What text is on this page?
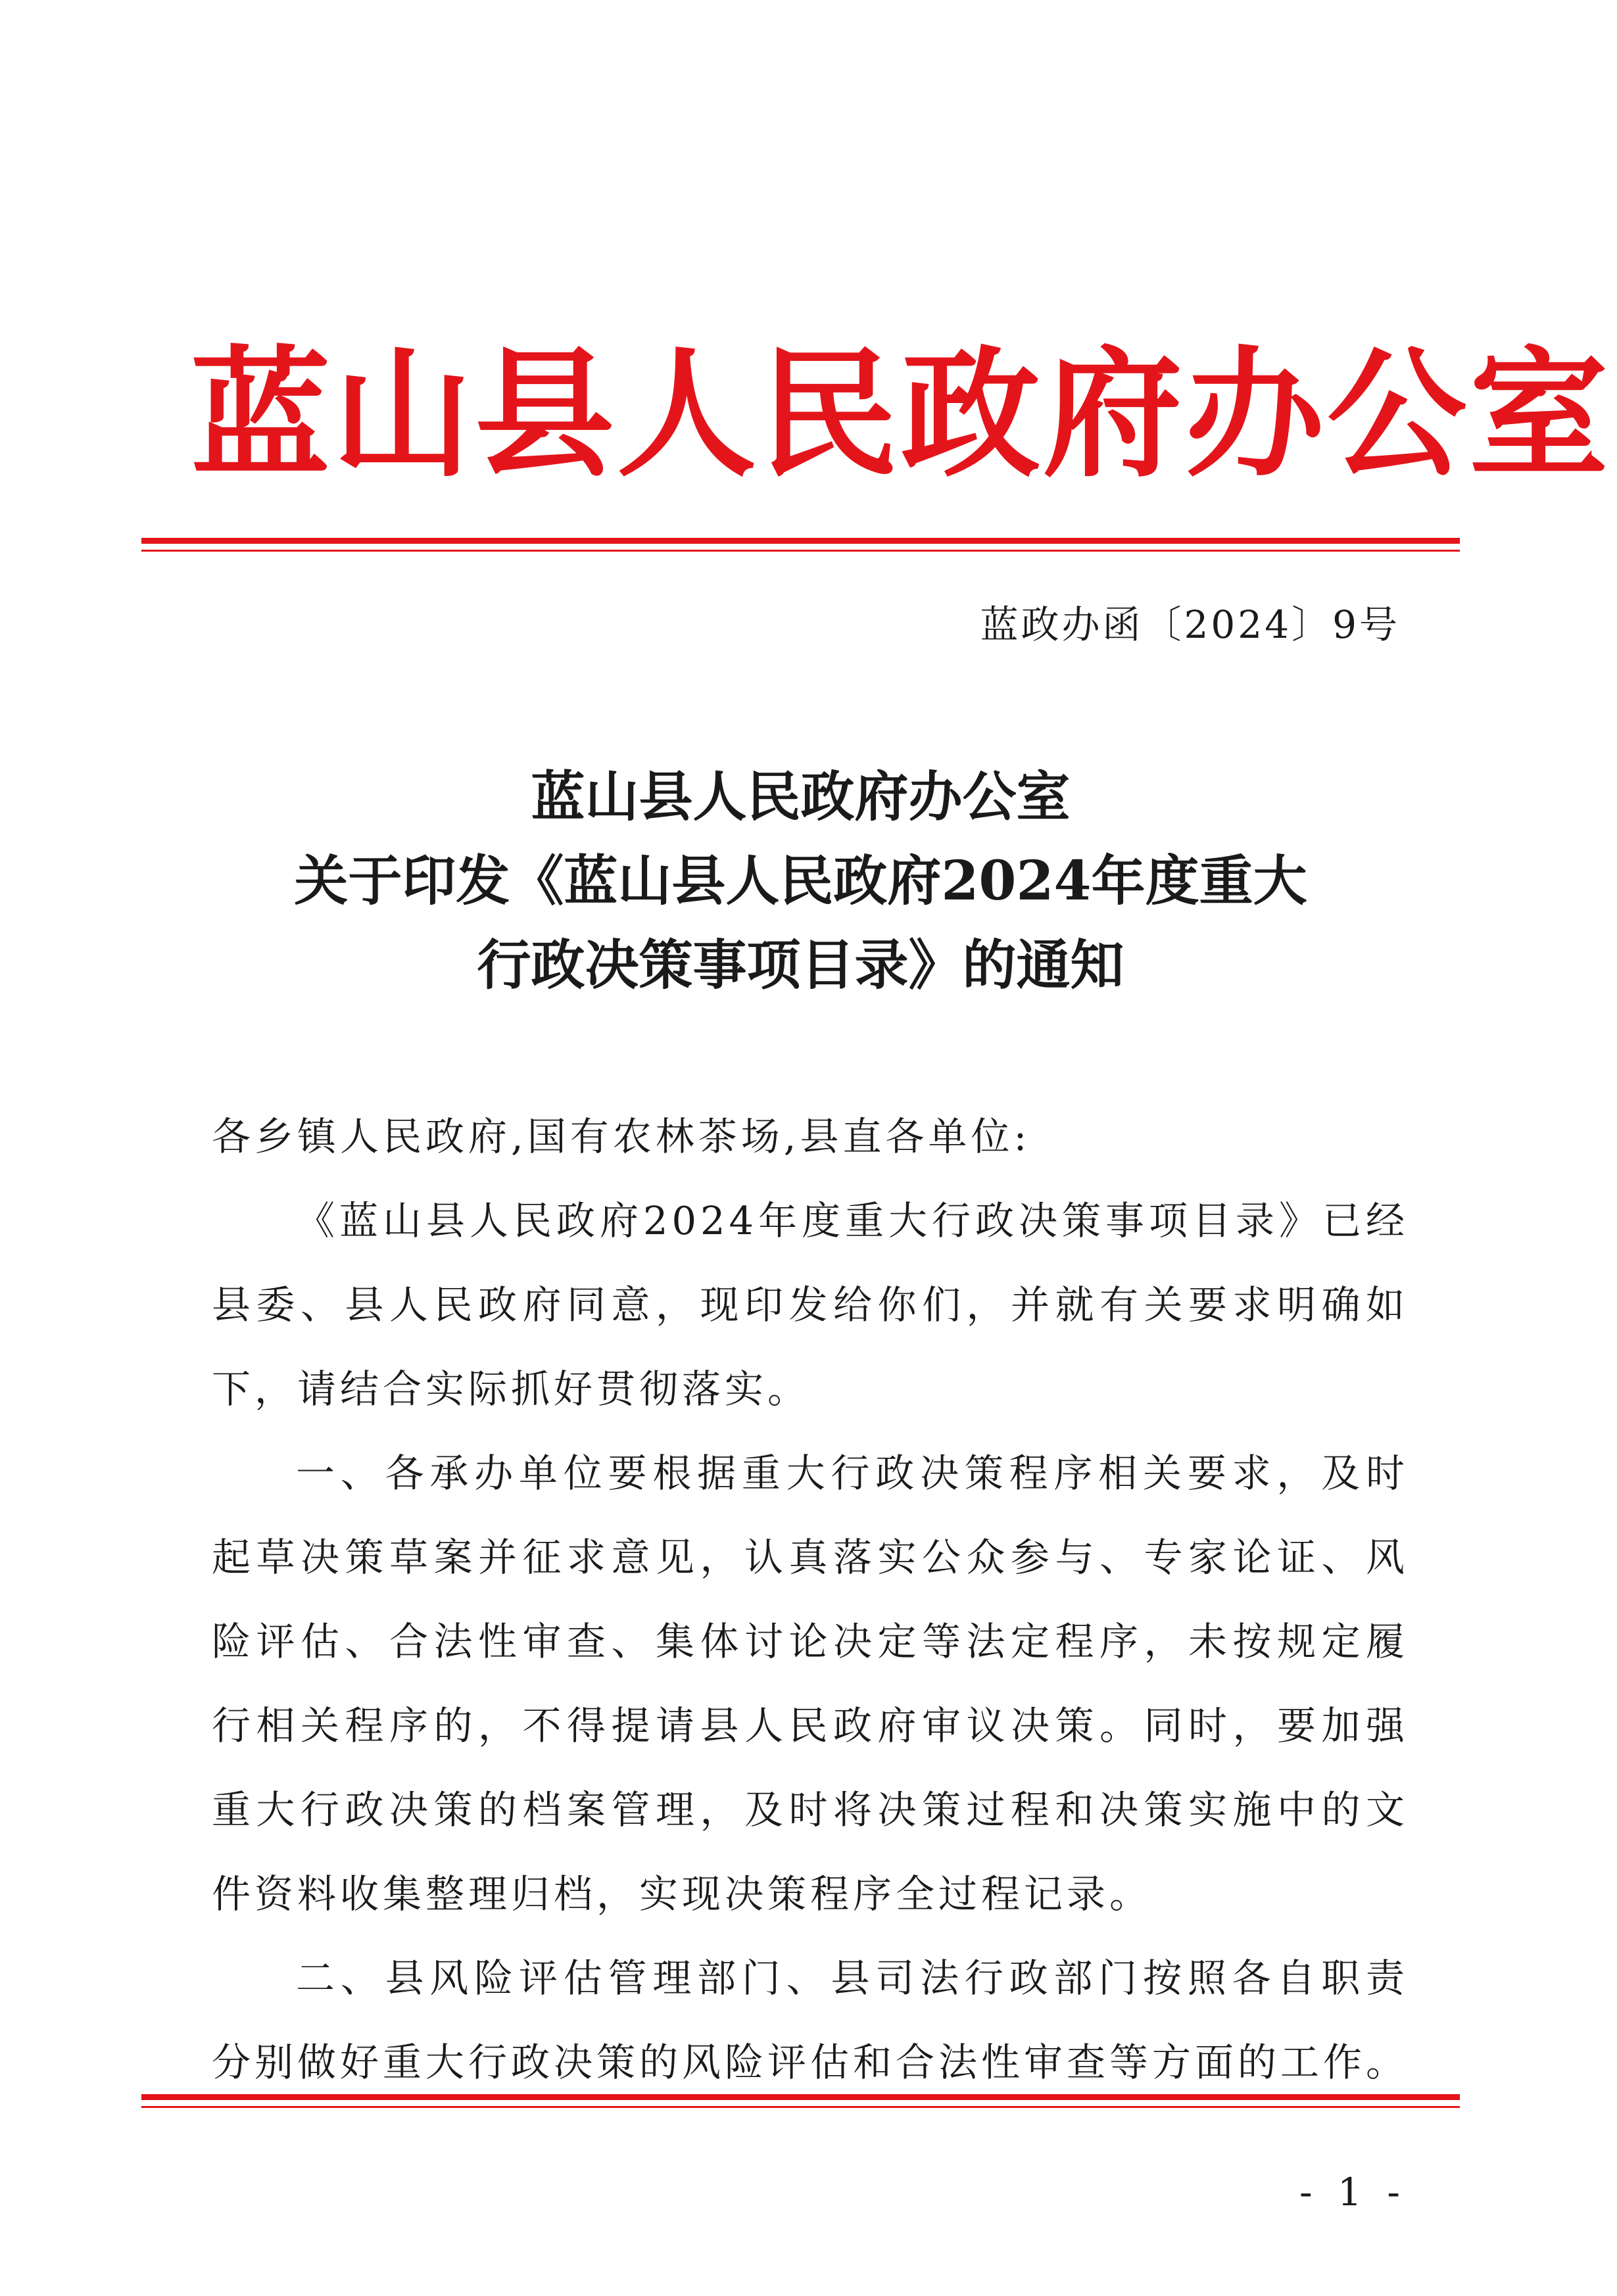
蓝山县人民政府办公室
蓝政办函〔2024〕9号
蓝山县人民政府办公室
关于印发《蓝山县人民政府2024年度重大
行政决策事项目录》的通知
各乡镇人民政府,国有农林茶场,县直各单位:
《蓝山县人民政府2024年度重大行政决策事项目录》已经
县委、县人民政府同意，现印发给你们，并就有关要求明确如
下，请结合实际抓好贯彻落实。
一、各承办单位要根据重大行政决策程序相关要求，及时
起草决策草案并征求意见，认真落实公众参与、专家论证、风
险评估、合法性审查、集体讨论决定等法定程序，未按规定履
行相关程序的，不得提请县人民政府审议决策。同时，要加强
重大行政决策的档案管理，及时将决策过程和决策实施中的文
件资料收集整理归档，实现决策程序全过程记录。
二、县风险评估管理部门、县司法行政部门按照各自职责
分别做好重大行政决策的风险评估和合法性审查等方面的工作。
- 1 -
